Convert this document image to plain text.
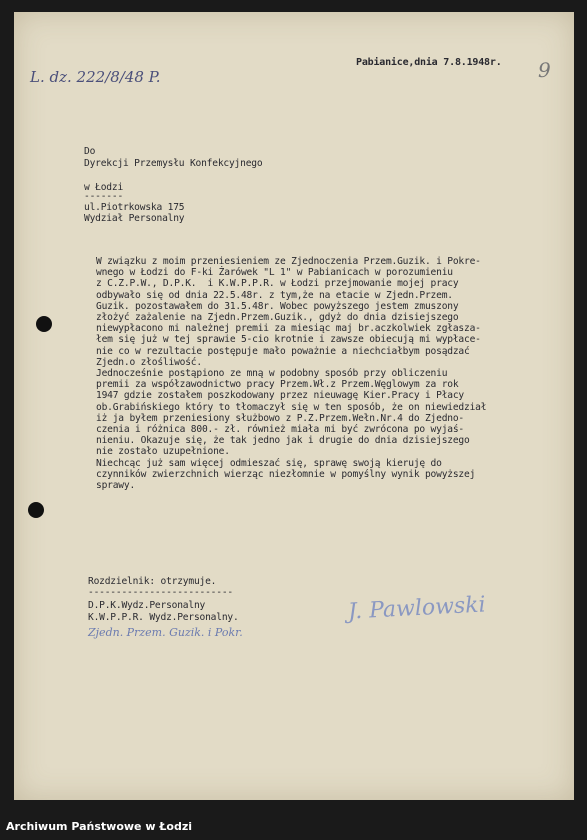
L. dz. 222/8/48 P.	9
Pabianice,dnia 7.8.1948r.
Do
Dyrekcji Przemysłu Konfekcyjnego
w Łodzi
-------
ul.Piotrkowska 175
Wydział Personalny
W związku z moim przeniesieniem ze Zjednoczenia Przem.Guzik. i Pokre-
wnego w Łodzi do F-ki Żarówek "L 1" w Pabianicach w porozumieniu
z C.Z.P.W., D.P.K.  i K.W.P.P.R. w Łodzi przejmowanie mojej pracy
odbywało się od dnia 22.5.48r. z tym,że na etacie w Zjedn.Przem.
Guzik. pozostawałem do 31.5.48r. Wobec powyższego jestem zmuszony
złożyć zażalenie na Zjedn.Przem.Guzik., gdyż do dnia dzisiejszego
niewypłacono mi należnej premii za miesiąc maj br.aczkolwiek zgłasza-
łem się już w tej sprawie 5-cio krotnie i zawsze obiecują mi wypłace-
nie co w rezultacie postępuje mało poważnie a niechciałbym posądzać
Zjedn.o złośliwość.
Jednocześnie postąpiono ze mną w podobny sposób przy obliczeniu
premii za współzawodnictwo pracy Przem.Wł.z Przem.Węglowym za rok
1947 gdzie zostałem poszkodowany przez nieuwagę Kier.Pracy i Płacy
ob.Grabińskiego który to tłomaczył się w ten sposób, że on niewiedział
iż ja byłem przeniesiony służbowo z P.Z.Przem.Wełn.Nr.4 do Zjedno-
czenia i różnica 800.- zł. również miała mi być zwrócona po wyjaś-
nieniu. Okazuje się, że tak jedno jak i drugie do dnia dzisiejszego
nie zostało uzupełnione.
Niechcąc już sam więcej odmieszać się, sprawę swoją kieruję do
czynników zwierzchnich wierząc niezłomnie w pomyślny wynik powyższej
sprawy.
Rozdzielnik: otrzymuje.
--------------------------
D.P.K.Wydz.Personalny
K.W.P.P.R. Wydz.Personalny.
Zjedn. Przem. Guzik. i Pokr.
J. Pawlowski
Archiwum Państwowe w Łodzi
